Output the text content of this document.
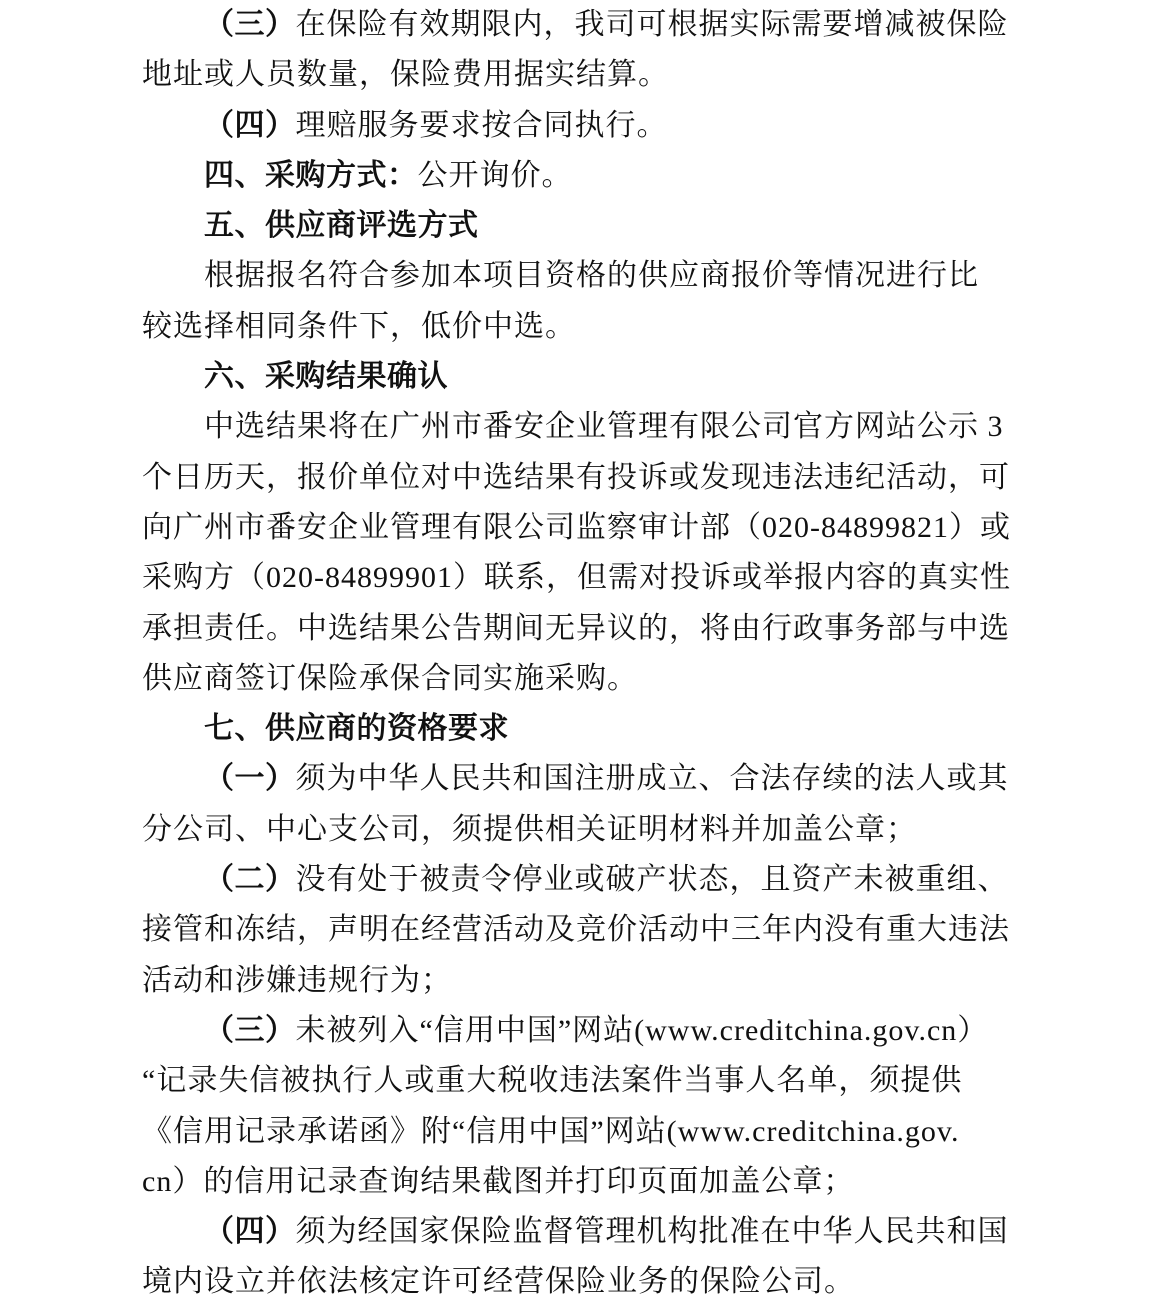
（三）在保险有效期限内，我司可根据实际需要增减被保险
地址或人员数量，保险费用据实结算。
（四）理赔服务要求按合同执行。
四、采购方式：公开询价。
五、供应商评选方式
根据报名符合参加本项目资格的供应商报价等情况进行比
较选择相同条件下，低价中选。
六、采购结果确认
中选结果将在广州市番安企业管理有限公司官方网站公示 3
个日历天，报价单位对中选结果有投诉或发现违法违纪活动，可
向广州市番安企业管理有限公司监察审计部（020-84899821）或
采购方（020-84899901）联系，但需对投诉或举报内容的真实性
承担责任。中选结果公告期间无异议的，将由行政事务部与中选
供应商签订保险承保合同实施采购。
七、供应商的资格要求
（一）须为中华人民共和国注册成立、合法存续的法人或其
分公司、中心支公司，须提供相关证明材料并加盖公章；
（二）没有处于被责令停业或破产状态，且资产未被重组、
接管和冻结，声明在经营活动及竞价活动中三年内没有重大违法
活动和涉嫌违规行为；
（三）未被列入“信用中国”网站(www.creditchina.gov.cn）
“记录失信被执行人或重大税收违法案件当事人名单，须提供
《信用记录承诺函》附“信用中国”网站(www.creditchina.gov.
cn）的信用记录查询结果截图并打印页面加盖公章；
（四）须为经国家保险监督管理机构批准在中华人民共和国
境内设立并依法核定许可经营保险业务的保险公司。
